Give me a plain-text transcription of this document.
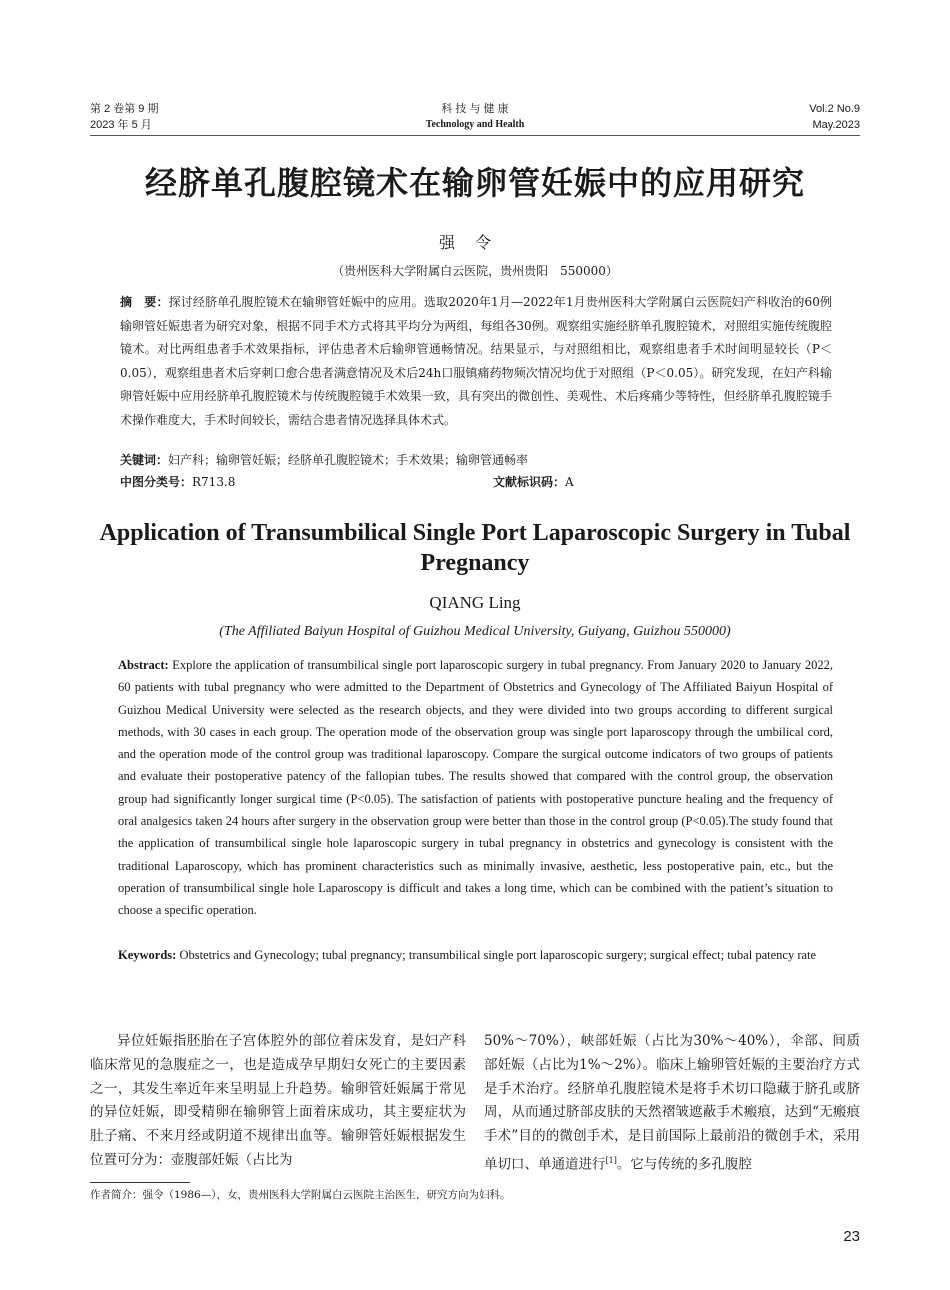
第 2 卷第 9 期
2023 年 5 月
科 技 与 健 康
Technology and Health
Vol.2 No.9
May.2023
经脐单孔腹腔镜术在输卵管妊娠中的应用研究
强令
（贵州医科大学附属白云医院，贵州贵阳　550000）
摘　要：探讨经脐单孔腹腔镜术在输卵管妊娠中的应用。选取2020年1月—2022年1月贵州医科大学附属白云医院妇产科收治的60例输卵管妊娠患者为研究对象，根据不同手术方式将其平均分为两组，每组各30例。观察组实施经脐单孔腹腔镜术，对照组实施传统腹腔镜术。对比两组患者手术效果指标，评估患者术后输卵管通畅情况。结果显示，与对照组相比，观察组患者手术时间明显较长（P＜0.05），观察组患者术后穿刺口愈合患者满意情况及术后24h口服镇痛药物频次情况均优于对照组（P＜0.05）。研究发现，在妇产科输卵管妊娠中应用经脐单孔腹腔镜术与传统腹腔镜手术效果一致，具有突出的微创性、美观性、术后疼痛少等特性，但经脐单孔腹腔镜手术操作难度大，手术时间较长，需结合患者情况选择具体术式。
关键词：妇产科；输卵管妊娠；经脐单孔腹腔镜术；手术效果；输卵管通畅率
中图分类号：R713.8	文献标识码：A
Application of Transumbilical Single Port Laparoscopic Surgery in Tubal Pregnancy
QIANG Ling
(The Affiliated Baiyun Hospital of Guizhou Medical University, Guiyang, Guizhou 550000)
Abstract: Explore the application of transumbilical single port laparoscopic surgery in tubal pregnancy. From January 2020 to January 2022, 60 patients with tubal pregnancy who were admitted to the Department of Obstetrics and Gynecology of The Affiliated Baiyun Hospital of Guizhou Medical University were selected as the research objects, and they were divided into two groups according to different surgical methods, with 30 cases in each group. The operation mode of the observation group was single port laparoscopy through the umbilical cord, and the operation mode of the control group was traditional laparoscopy. Compare the surgical outcome indicators of two groups of patients and evaluate their postoperative patency of the fallopian tubes. The results showed that compared with the control group, the observation group had significantly longer surgical time (P<0.05). The satisfaction of patients with postoperative puncture healing and the frequency of oral analgesics taken 24 hours after surgery in the observation group were better than those in the control group (P<0.05).The study found that the application of transumbilical single hole laparoscopic surgery in tubal pregnancy in obstetrics and gynecology is consistent with the traditional Laparoscopy, which has prominent characteristics such as minimally invasive, aesthetic, less postoperative pain, etc., but the operation of transumbilical single hole Laparoscopy is difficult and takes a long time, which can be combined with the patient’s situation to choose a specific operation.
Keywords: Obstetrics and Gynecology; tubal pregnancy; transumbilical single port laparoscopic surgery; surgical effect; tubal patency rate
异位妊娠指胚胎在子宫体腔外的部位着床发育，是妇产科临床常见的急腹症之一，也是造成孕早期妇女死亡的主要因素之一，其发生率近年来呈明显上升趋势。输卵管妊娠属于常见的异位妊娠，即受精卵在输卵管上面着床成功，其主要症状为肚子痛、不来月经或阴道不规律出血等。输卵管妊娠根据发生位置可分为：壶腹部妊娠（占比为
50%～70%），峡部妊娠（占比为30%～40%），伞部、间质部妊娠（占比为1%～2%）。临床上输卵管妊娠的主要治疗方式是手术治疗。经脐单孔腹腔镜术是将手术切口隐藏于脐孔或脐周，从而通过脐部皮肤的天然褶皱遮蔽手术瘢痕，达到“无瘢痕手术”目的的微创手术，是目前国际上最前沿的微创手术，采用单切口、单通道进行[1]。它与传统的多孔腹腔
作者简介：强令（1986—），女，贵州医科大学附属白云医院主治医生，研究方向为妇科。
23
